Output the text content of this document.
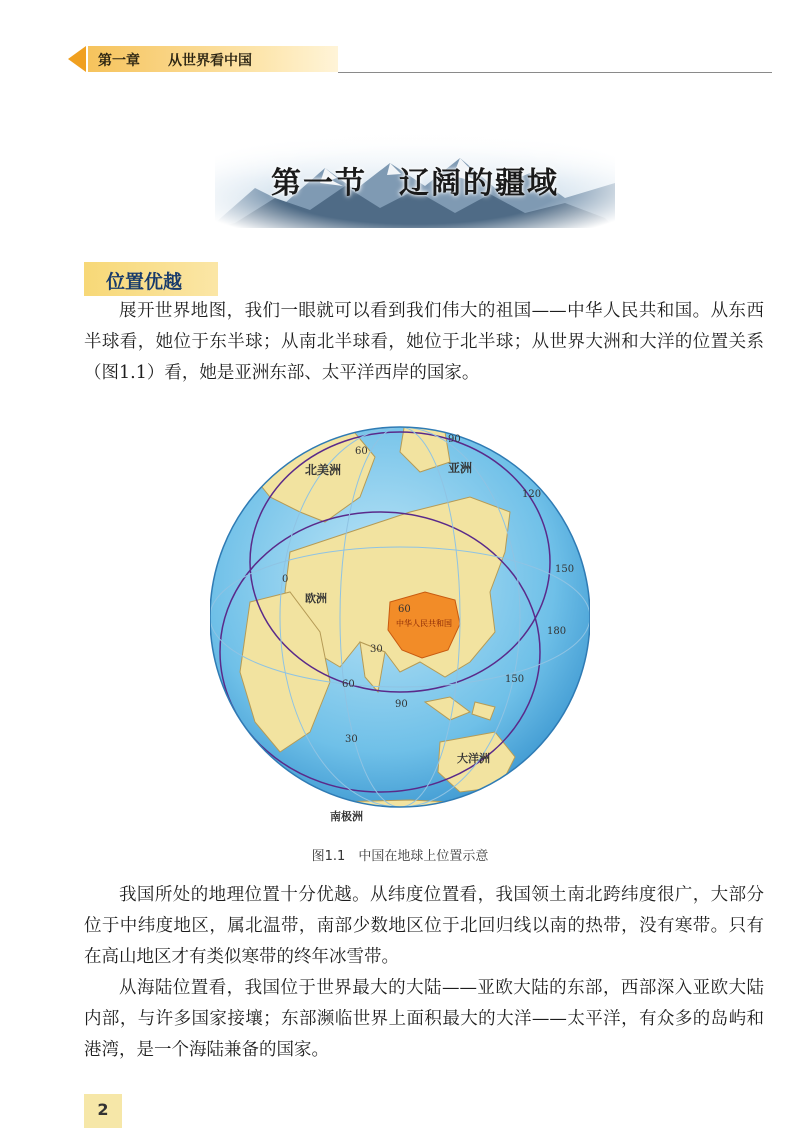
第一章 从世界看中国
第一节　辽阔的疆域
位置优越

展开世界地图，我们一眼就可以看到我们伟大的祖国——中华人民共和国。从东西半球看，她位于东半球；从南北半球看，她位于北半球；从世界大洲和大洋的位置关系（图1.1）看，她是亚洲东部、太平洋西岸的国家。

北美洲	亚洲
欧洲
大洋洲
南极洲
中华人民共和国
90
60
120
150
180
150
60
30
0
90
60
30
图1.1　中国在地球上位置示意

我国所处的地理位置十分优越。从纬度位置看，我国领土南北跨纬度很广，大部分位于中纬度地区，属北温带，南部少数地区位于北回归线以南的热带，没有寒带。只有在高山地区才有类似寒带的终年冰雪带。

从海陆位置看，我国位于世界最大的大陆——亚欧大陆的东部，西部深入亚欧大陆内部，与许多国家接壤；东部濒临世界上面积最大的大洋——太平洋，有众多的岛屿和港湾，是一个海陆兼备的国家。

2
